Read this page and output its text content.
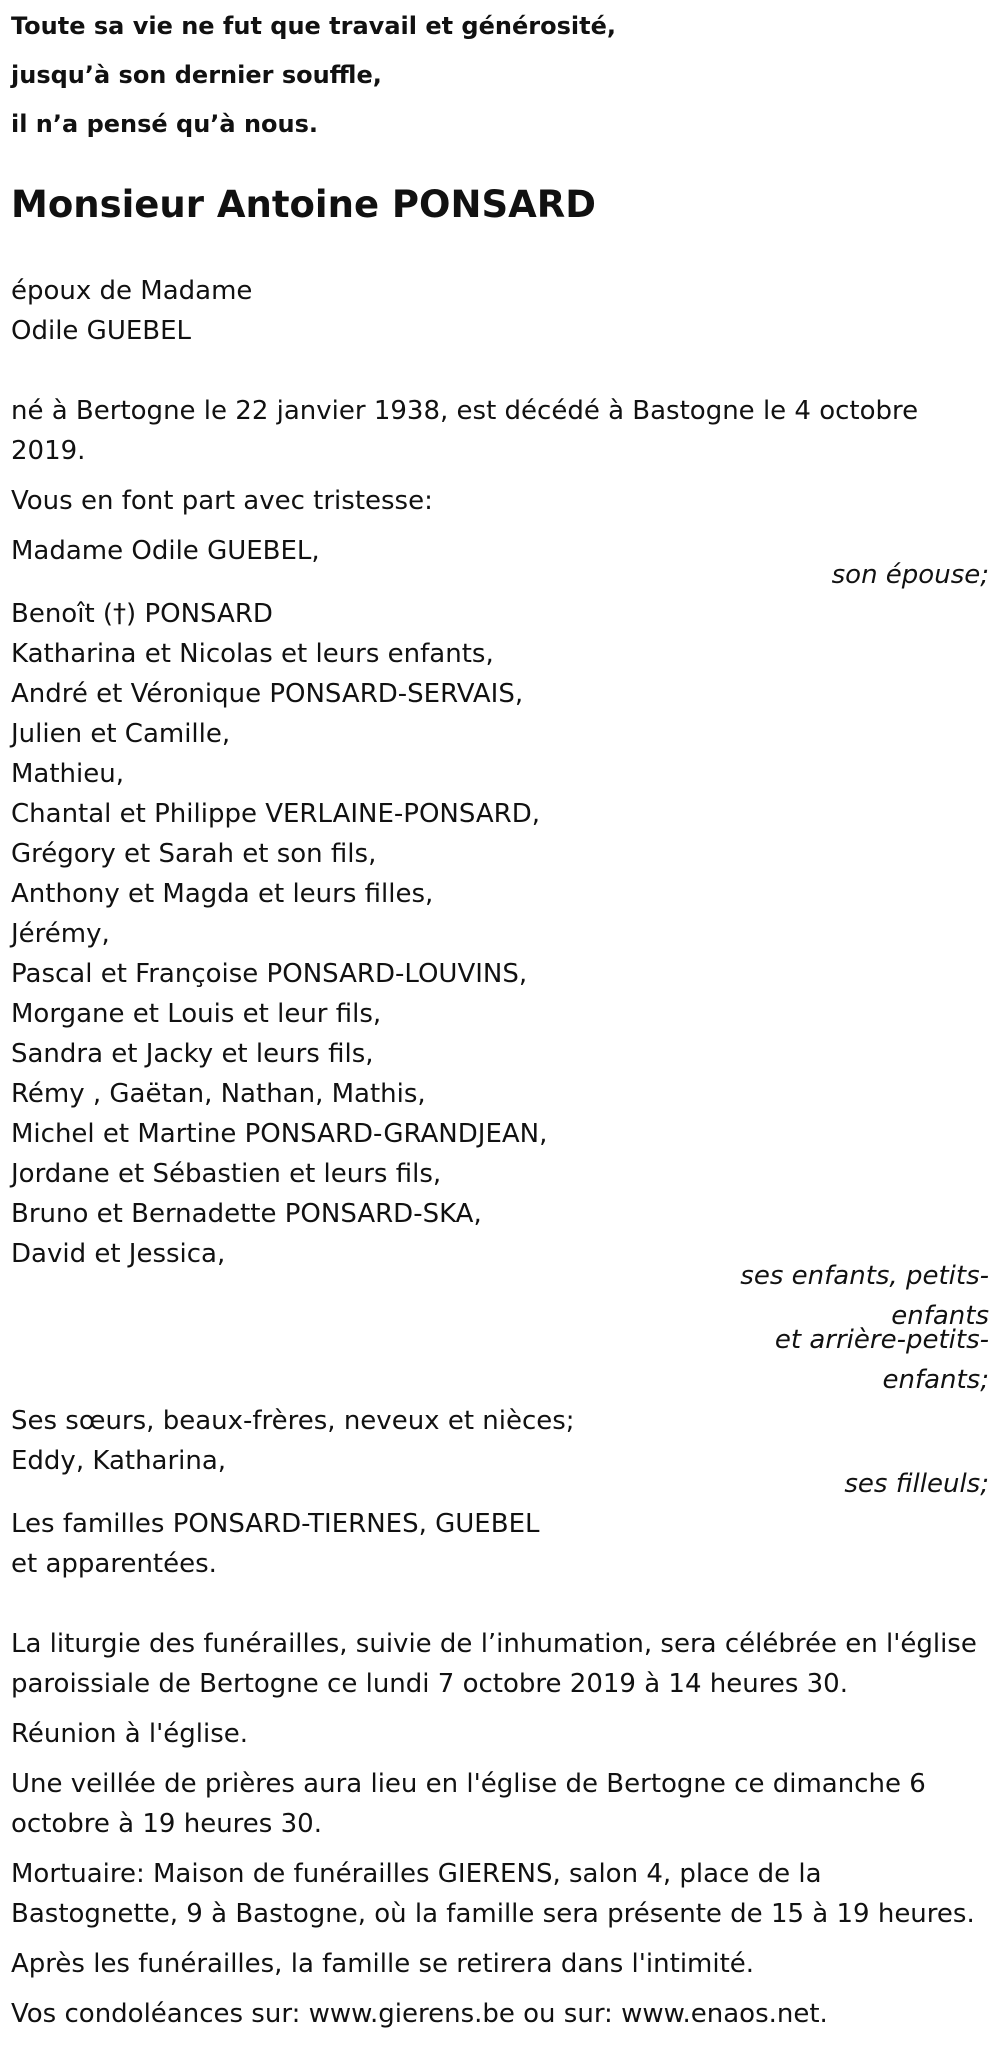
Toute sa vie ne fut que travail et générosité,
jusqu’à son dernier souffle,
il n’a pensé qu’à nous.
Monsieur Antoine PONSARD
époux de Madame
Odile GUEBEL
né à Bertogne le 22 janvier 1938, est décédé à Bastogne le 4 octobre
2019.
Vous en font part avec tristesse:
Madame Odile GUEBEL,
son épouse;
Benoît (†) PONSARD
Katharina et Nicolas et leurs enfants,
André et Véronique PONSARD-SERVAIS,
Julien et Camille,
Mathieu,
Chantal et Philippe VERLAINE-PONSARD,
Grégory et Sarah et son fils,
Anthony et Magda et leurs filles,
Jérémy,
Pascal et Françoise PONSARD-LOUVINS,
Morgane et Louis et leur fils,
Sandra et Jacky et leurs fils,
Rémy , Gaëtan, Nathan, Mathis,
Michel et Martine PONSARD-GRANDJEAN,
Jordane et Sébastien et leurs fils,
Bruno et Bernadette PONSARD-SKA,
David et Jessica,
ses enfants, petits-
enfants
et arrière-petits-
enfants;
Ses sœurs, beaux-frères, neveux et nièces;
Eddy, Katharina,
ses filleuls;
Les familles PONSARD-TIERNES, GUEBEL
et apparentées.
La liturgie des funérailles, suivie de l’inhumation, sera célébrée en l'église
paroissiale de Bertogne ce lundi 7 octobre 2019 à 14 heures 30.
Réunion à l'église.
Une veillée de prières aura lieu en l'église de Bertogne ce dimanche 6
octobre à 19 heures 30.
Mortuaire: Maison de funérailles GIERENS, salon 4, place de la
Bastognette, 9 à Bastogne, où la famille sera présente de 15 à 19 heures.
Après les funérailles, la famille se retirera dans l'intimité.
Vos condoléances sur: www.gierens.be ou sur: www.enaos.net.
